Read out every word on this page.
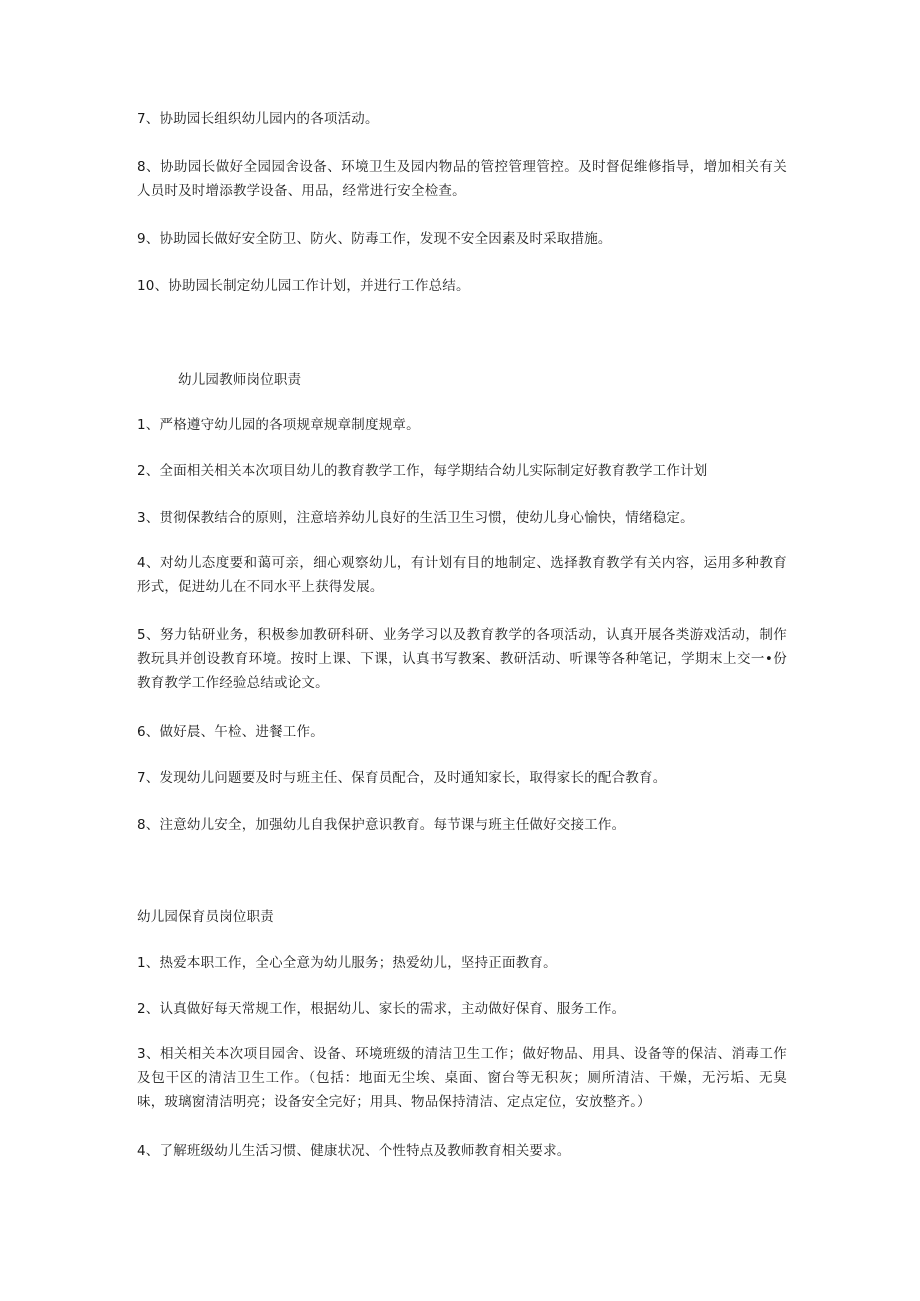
7、协助园长组织幼儿园内的各项活动。

8、协助园长做好全园园舍设备、环境卫生及园内物品的管控管理管控。及时督促维修指导，增加相关有关人员时及时增添教学设备、用品，经常进行安全检查。

9、协助园长做好安全防卫、防火、防毒工作，发现不安全因素及时采取措施。

10、协助园长制定幼儿园工作计划，并进行工作总结。

幼儿园教师岗位职责

1、严格遵守幼儿园的各项规章规章制度规章。

2、全面相关相关本次项目幼儿的教育教学工作，每学期结合幼儿实际制定好教育教学工作计划

3、贯彻保教结合的原则，注意培养幼儿良好的生活卫生习惯，使幼儿身心愉快，情绪稳定。

4、对幼儿态度要和蔼可亲，细心观察幼儿，有计划有目的地制定、选择教育教学有关内容，运用多种教育形式，促进幼儿在不同水平上获得发展。

5、努力钻研业务，积极参加教研科研、业务学习以及教育教学的各项活动，认真开展各类游戏活动，制作教玩具并创设教育环境。按时上课、下课，认真书写教案、教研活动、听课等各种笔记，学期末上交一•份教育教学工作经验总结或论文。

6、做好晨、午检、进餐工作。

7、发现幼儿问题要及时与班主任、保育员配合，及时通知家长，取得家长的配合教育。

8、注意幼儿安全，加强幼儿自我保护意识教育。每节课与班主任做好交接工作。

幼儿园保育员岗位职责

1、热爱本职工作，全心全意为幼儿服务；热爱幼儿，坚持正面教育。

2、认真做好每天常规工作，根据幼儿、家长的需求，主动做好保育、服务工作。

3、相关相关本次项目园舍、设备、环境班级的清洁卫生工作；做好物品、用具、设备等的保洁、消毒工作及包干区的清洁卫生工作。（包括：地面无尘埃、桌面、窗台等无积灰；厕所清洁、干燥，无污垢、无臭味，玻璃窗清洁明亮；设备安全完好；用具、物品保持清洁、定点定位，安放整齐。）

4、了解班级幼儿生活习惯、健康状况、个性特点及教师教育相关要求。
